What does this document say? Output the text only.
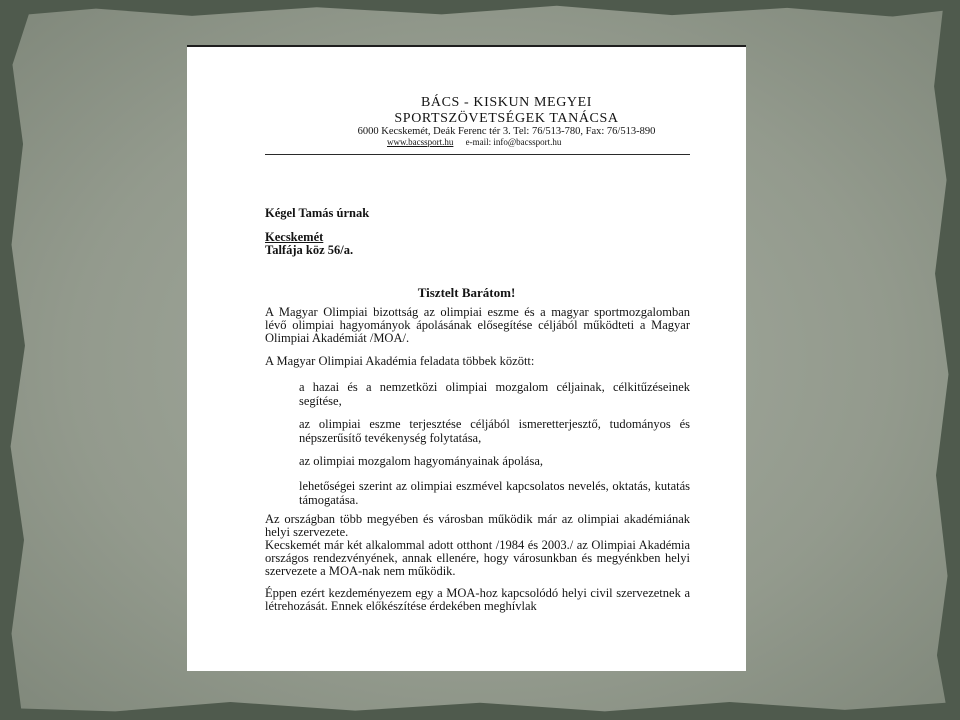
BÁCS - KISKUN MEGYEI
SPORTSZÖVETSÉGEK TANÁCSA
6000 Kecskemét, Deák Ferenc tér 3. Tel: 76/513-780, Fax: 76/513-890
www.bacssport.hu e-mail: info@bacssport.hu
Kégel Tamás úrnak
Kecskemét
Talfája köz 56/a.
Tisztelt Barátom!
A Magyar Olimpiai bizottság az olimpiai eszme és a magyar sportmozgalomban lévő olimpiai hagyományok ápolásának elősegítése céljából működteti a Magyar Olimpiai Akadémiát /MOA/.
A Magyar Olimpiai Akadémia feladata többek között:
a hazai és a nemzetközi olimpiai mozgalom céljainak, célkitűzéseinek segítése,
az olimpiai eszme terjesztése céljából ismeretterjesztő, tudományos és népszerűsítő tevékenység folytatása,
az olimpiai mozgalom hagyományainak ápolása,
lehetőségei szerint az olimpiai eszmével kapcsolatos nevelés, oktatás, kutatás támogatása.
Az országban több megyében és városban működik már az olimpiai akadémiának helyi szervezete.
Kecskemét már két alkalommal adott otthont /1984 és 2003./ az Olimpiai Akadémia országos rendezvényének, annak ellenére, hogy városunkban és megyénkben helyi szervezete a MOA-nak nem működik.
Éppen ezért kezdeményezem egy a MOA-hoz kapcsolódó helyi civil szervezetnek a létrehozását. Ennek előkészítése érdekében meghívlak
